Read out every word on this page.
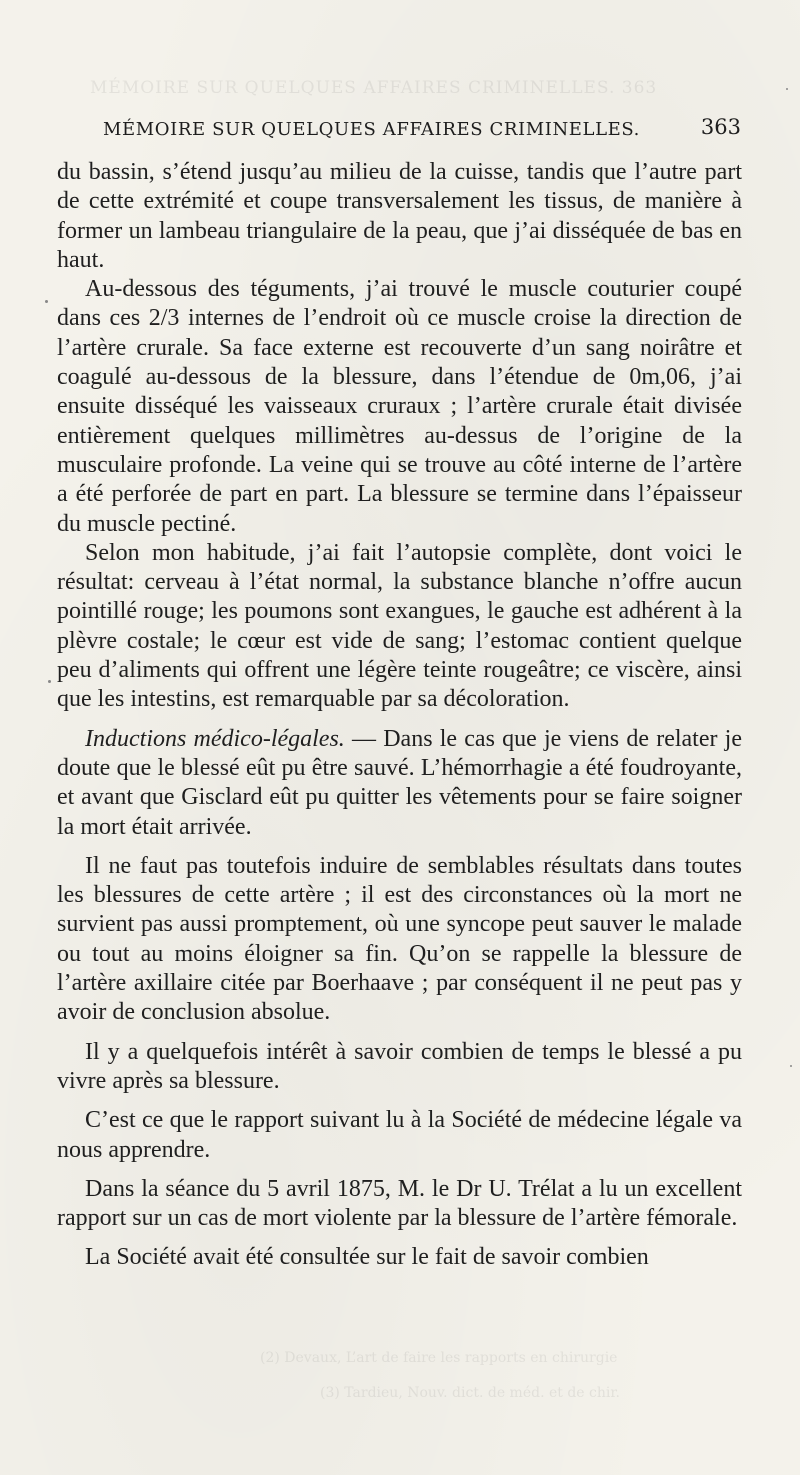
MÉMOIRE SUR QUELQUES AFFAIRES CRIMINELLES. 363
(2) Devaux, L’art de faire les rapports en chirurgie
(3) Tardieu, Nouv. dict. de méd. et de chir.
MÉMOIRE SUR QUELQUES AFFAIRES CRIMINELLES.	363

du bassin, s’étend jusqu’au milieu de la cuisse, tandis que l’autre part de cette extrémité et coupe transversalement les tissus, de manière à former un lambeau triangulaire de la peau, que j’ai disséquée de bas en haut.

Au-dessous des téguments, j’ai trouvé le muscle couturier coupé dans ces 2/3 internes de l’endroit où ce muscle croise la direction de l’artère crurale. Sa face externe est recouverte d’un sang noirâtre et coagulé au-dessous de la blessure, dans l’étendue de 0m,06, j’ai ensuite disséqué les vaisseaux cruraux ; l’artère crurale était divisée entièrement quelques millimètres au-dessus de l’origine de la musculaire profonde. La veine qui se trouve au côté interne de l’artère a été perforée de part en part. La blessure se termine dans l’épaisseur du muscle pectiné.

Selon mon habitude, j’ai fait l’autopsie complète, dont voici le résultat: cerveau à l’état normal, la substance blanche n’offre aucun pointillé rouge; les poumons sont exangues, le gauche est adhérent à la plèvre costale; le cœur est vide de sang; l’estomac contient quelque peu d’aliments qui offrent une légère teinte rougeâtre; ce viscère, ainsi que les intestins, est remarquable par sa décoloration.

Inductions médico-légales. — Dans le cas que je viens de relater je doute que le blessé eût pu être sauvé. L’hémorrhagie a été foudroyante, et avant que Gisclard eût pu quitter les vêtements pour se faire soigner la mort était arrivée.

Il ne faut pas toutefois induire de semblables résultats dans toutes les blessures de cette artère ; il est des circonstances où la mort ne survient pas aussi promptement, où une syncope peut sauver le malade ou tout au moins éloigner sa fin. Qu’on se rappelle la blessure de l’artère axillaire citée par Boerhaave ; par conséquent il ne peut pas y avoir de conclusion absolue.

Il y a quelquefois intérêt à savoir combien de temps le blessé a pu vivre après sa blessure.

C’est ce que le rapport suivant lu à la Société de médecine légale va nous apprendre.

Dans la séance du 5 avril 1875, M. le Dr U. Trélat a lu un excellent rapport sur un cas de mort violente par la blessure de l’artère fémorale.

La Société avait été consultée sur le fait de savoir combien
